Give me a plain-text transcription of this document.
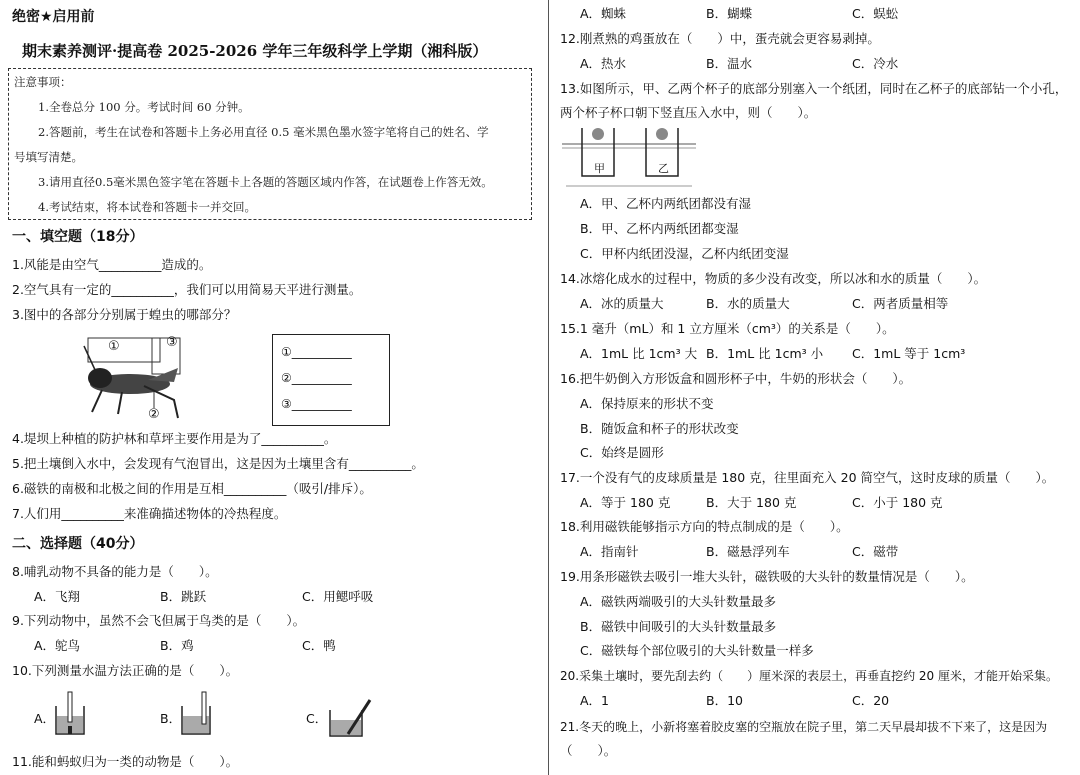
绝密★启用前
期末素养测评·提高卷 2025-2026 学年三年级科学上学期（湘科版）
注意事项：
1.全卷总分 100 分。考试时间 60 分钟。
2.答题前，考生在试卷和答题卡上务必用直径 0.5 毫米黑色墨水签字笔将自己的姓名、学
号填写清楚。
3.请用直径0.5毫米黑色签字笔在答题卡上各题的答题区域内作答，在试题卷上作答无效。
4.考试结束，将本试卷和答题卡一并交回。
一、填空题（18分）
1.风能是由空气__________造成的。
2.空气具有一定的__________，我们可以用简易天平进行测量。
3.图中的各部分分别属于蝗虫的哪部分？
①	③
②
①__________
②__________
③__________
4.堤坝上种植的防护林和草坪主要作用是为了__________。
5.把土壤倒入水中，会发现有气泡冒出，这是因为土壤里含有__________。
6.磁铁的南极和北极之间的作用是互相__________（吸引/排斥）。
7.人们用__________来准确描述物体的冷热程度。
二、选择题（40分）
8.哺乳动物不具备的能力是（　　）。
A．飞翔	B．跳跃	C．用鳃呼吸
9.下列动物中，虽然不会飞但属于鸟类的是（　　）。
A．鸵鸟	B．鸡	C．鸭
10.下列测量水温方法正确的是（　　）。
A．	B．	C．
11.能和蚂蚁归为一类的动物是（　　）。
A．蜘蛛	B．蝴蝶	C．蜈蚣
12.刚煮熟的鸡蛋放在（　　）中，蛋壳就会更容易剥掉。
A．热水	B．温水	C．冷水
13.如图所示，甲、乙两个杯子的底部分别塞入一个纸团，同时在乙杯子的底部钻一个小孔，
两个杯子杯口朝下竖直压入水中，则（　　）。
甲	乙
A．甲、乙杯内两纸团都没有湿
B．甲、乙杯内两纸团都变湿
C．甲杯内纸团没湿，乙杯内纸团变湿
14.冰熔化成水的过程中，物质的多少没有改变，所以冰和水的质量（　　）。
A．冰的质量大	B．水的质量大	C．两者质量相等
15.1 毫升（mL）和 1 立方厘米（cm³）的关系是（　　）。
A．1mL 比 1cm³ 大 B．1mL 比 1cm³ 小 C．1mL 等于 1cm³
16.把牛奶倒入方形饭盒和圆形杯子中，牛奶的形状会（　　）。
A．保持原来的形状不变
B．随饭盒和杯子的形状改变
C．始终是圆形
17.一个没有气的皮球质量是 180 克，往里面充入 20 简空气，这时皮球的质量（　　）。
A．等于 180 克	B．大于 180 克	C．小于 180 克
18.利用磁铁能够指示方向的特点制成的是（　　）。
A．指南针	B．磁悬浮列车	C．磁带
19.用条形磁铁去吸引一堆大头针，磁铁吸的大头针的数量情况是（　　）。
A．磁铁两端吸引的大头针数量最多
B．磁铁中间吸引的大头针数量最多
C．磁铁每个部位吸引的大头针数量一样多
20.采集土壤时，要先刮去约（　　）厘米深的表层土，再垂直挖约 20 厘米，才能开始采集。
A．1	B．10	C．20
21.冬天的晚上，小新将塞着胶皮塞的空瓶放在院子里，第二天早晨却拔不下来了，这是因为
（　　）。
